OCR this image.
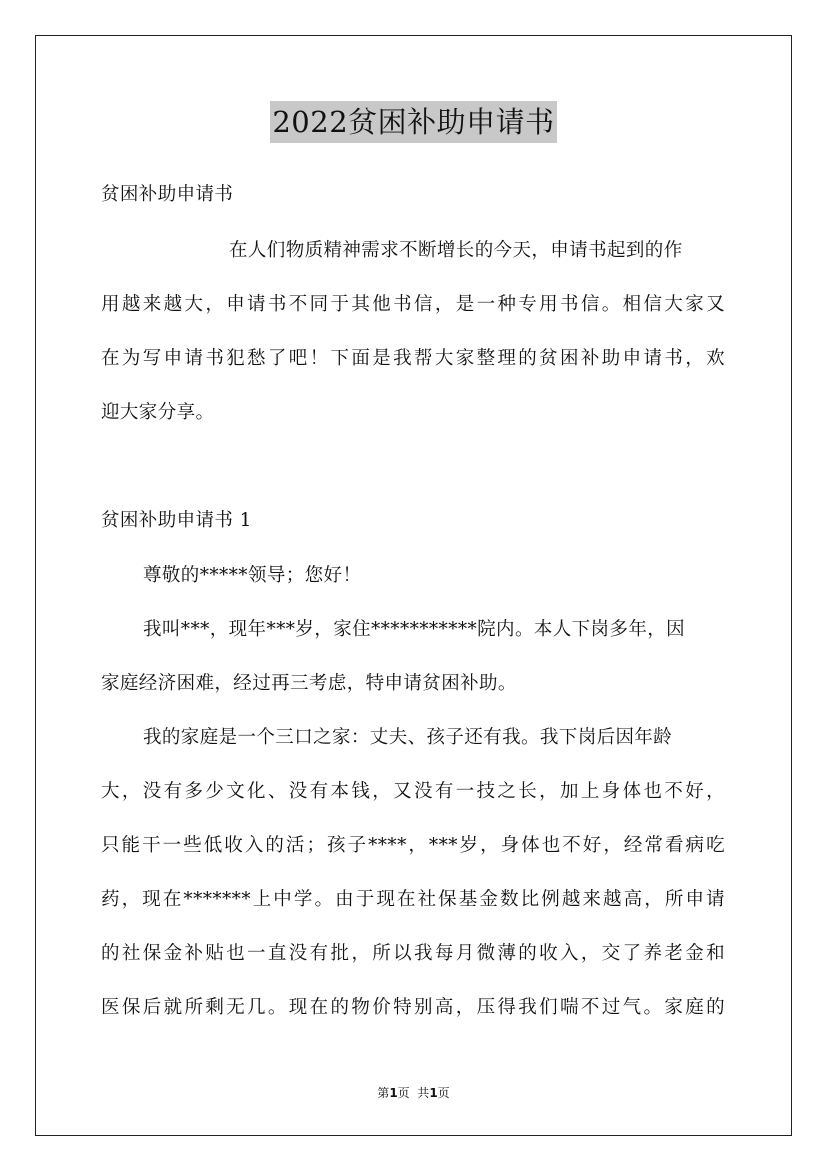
2022贫困补助申请书
贫困补助申请书
在人们物质精神需求不断增长的今天，申请书起到的作
用越来越大，申请书不同于其他书信，是一种专用书信。相信大家又
在为写申请书犯愁了吧！下面是我帮大家整理的贫困补助申请书，欢
迎大家分享。
贫困补助申请书 1
尊敬的*****领导；您好！
我叫***，现年***岁，家住***********院内。本人下岗多年，因
家庭经济困难，经过再三考虑，特申请贫困补助。
我的家庭是一个三口之家：丈夫、孩子还有我。我下岗后因年龄
大，没有多少文化、没有本钱，又没有一技之长，加上身体也不好，
只能干一些低收入的活；孩子****，***岁，身体也不好，经常看病吃
药，现在*******上中学。由于现在社保基金数比例越来越高，所申请
的社保金补贴也一直没有批，所以我每月微薄的收入，交了养老金和
医保后就所剩无几。现在的物价特别高，压得我们喘不过气。家庭的
第1页  共1页
